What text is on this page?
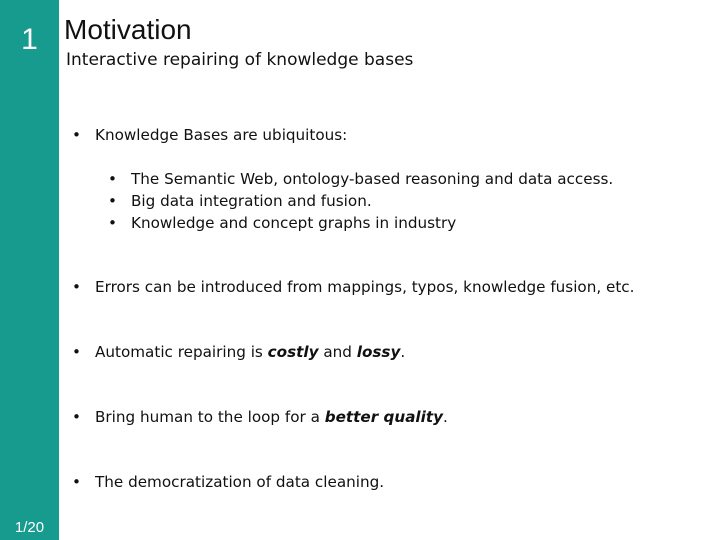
1
1/20
Motivation
Interactive repairing of knowledge bases
• Knowledge Bases are ubiquitous:
• The Semantic Web, ontology-based reasoning and data access.
• Big data integration and fusion.
• Knowledge and concept graphs in industry
• Errors can be introduced from mappings, typos, knowledge fusion, etc.
• Automatic repairing is costly and lossy.
• Bring human to the loop for a better quality.
• The democratization of data cleaning.
